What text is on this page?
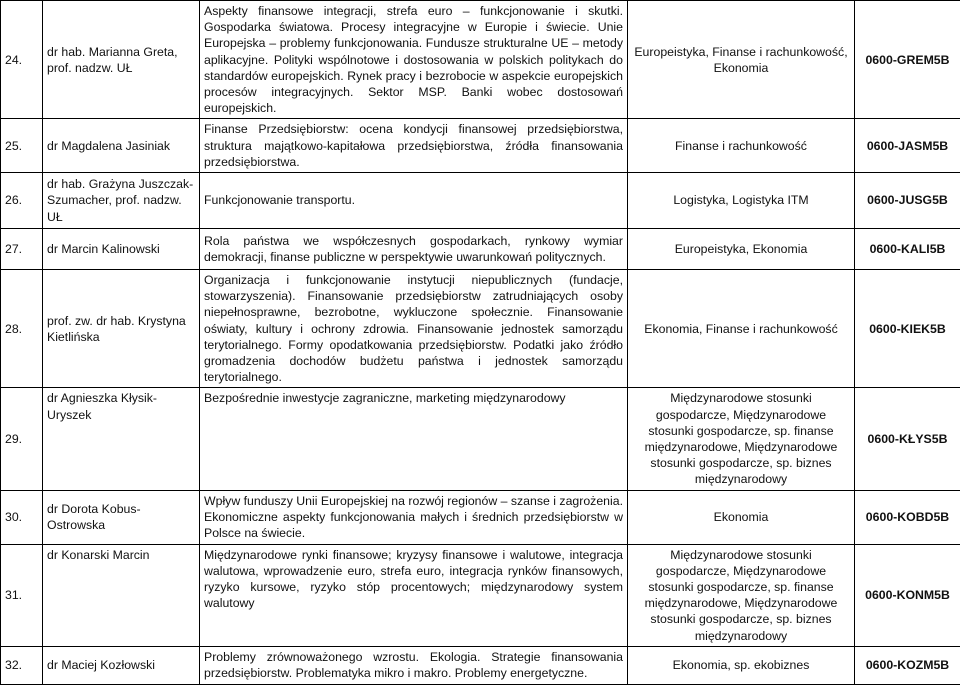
24.	dr hab. Marianna Greta, prof. nadzw. UŁ	Aspekty finansowe integracji, strefa euro – funkcjonowanie i skutki. Gospodarka światowa. Procesy integracyjne w Europie i świecie. Unie Europejska – problemy funkcjonowania. Fundusze strukturalne UE – metody aplikacyjne. Polityki wspólnotowe i dostosowania w polskich politykach do standardów europejskich. Rynek pracy i bezrobocie w aspekcie europejskich procesów integracyjnych. Sektor MSP. Banki wobec dostosowań europejskich.	Europeistyka, Finanse i rachunkowość, Ekonomia	0600-GREM5B
25.	dr Magdalena Jasiniak	Finanse Przedsiębiorstw: ocena kondycji finansowej przedsiębiorstwa, struktura majątkowo-kapitałowa przedsiębiorstwa, źródła finansowania przedsiębiorstwa.	Finanse i rachunkowość	0600-JASM5B
26.	dr hab. Grażyna Juszczak-Szumacher, prof. nadzw. UŁ	Funkcjonowanie transportu.	Logistyka, Logistyka ITM	0600-JUSG5B
27.	dr Marcin Kalinowski	Rola państwa we współczesnych gospodarkach, rynkowy wymiar demokracji, finanse publiczne w perspektywie uwarunkowań politycznych.	Europeistyka, Ekonomia	0600-KALI5B
28.	prof. zw. dr hab. Krystyna Kietlińska	Organizacja i funkcjonowanie instytucji niepublicznych (fundacje, stowarzyszenia). Finansowanie przedsiębiorstw zatrudniających osoby niepełnosprawne, bezrobotne, wykluczone społecznie. Finansowanie oświaty, kultury i ochrony zdrowia. Finansowanie jednostek samorządu terytorialnego. Formy opodatkowania przedsiębiorstw. Podatki jako źródło gromadzenia dochodów budżetu państwa i jednostek samorządu terytorialnego.	Ekonomia, Finanse i rachunkowość	0600-KIEK5B
29.	dr Agnieszka Kłysik-Uryszek	Bezpośrednie inwestycje zagraniczne, marketing międzynarodowy	Międzynarodowe stosunki gospodarcze, Międzynarodowe stosunki gospodarcze, sp. finanse międzynarodowe, Międzynarodowe stosunki gospodarcze, sp. biznes międzynarodowy	0600-KŁYS5B
30.	dr Dorota Kobus-Ostrowska	Wpływ funduszy Unii Europejskiej na rozwój regionów – szanse i zagrożenia. Ekonomiczne aspekty funkcjonowania małych i średnich przedsiębiorstw w Polsce na świecie.	Ekonomia	0600-KOBD5B
31.	dr Konarski Marcin	Międzynarodowe rynki finansowe; kryzysy finansowe i walutowe, integracja walutowa, wprowadzenie euro, strefa euro, integracja rynków finansowych, ryzyko kursowe, ryzyko stóp procentowych; międzynarodowy system walutowy	Międzynarodowe stosunki gospodarcze, Międzynarodowe stosunki gospodarcze, sp. finanse międzynarodowe, Międzynarodowe stosunki gospodarcze, sp. biznes międzynarodowy	0600-KONM5B
32.	dr Maciej Kozłowski	Problemy zrównoważonego wzrostu. Ekologia. Strategie finansowania przedsiębiorstw. Problematyka mikro i makro. Problemy energetyczne.	Ekonomia, sp. ekobiznes	0600-KOZM5B
